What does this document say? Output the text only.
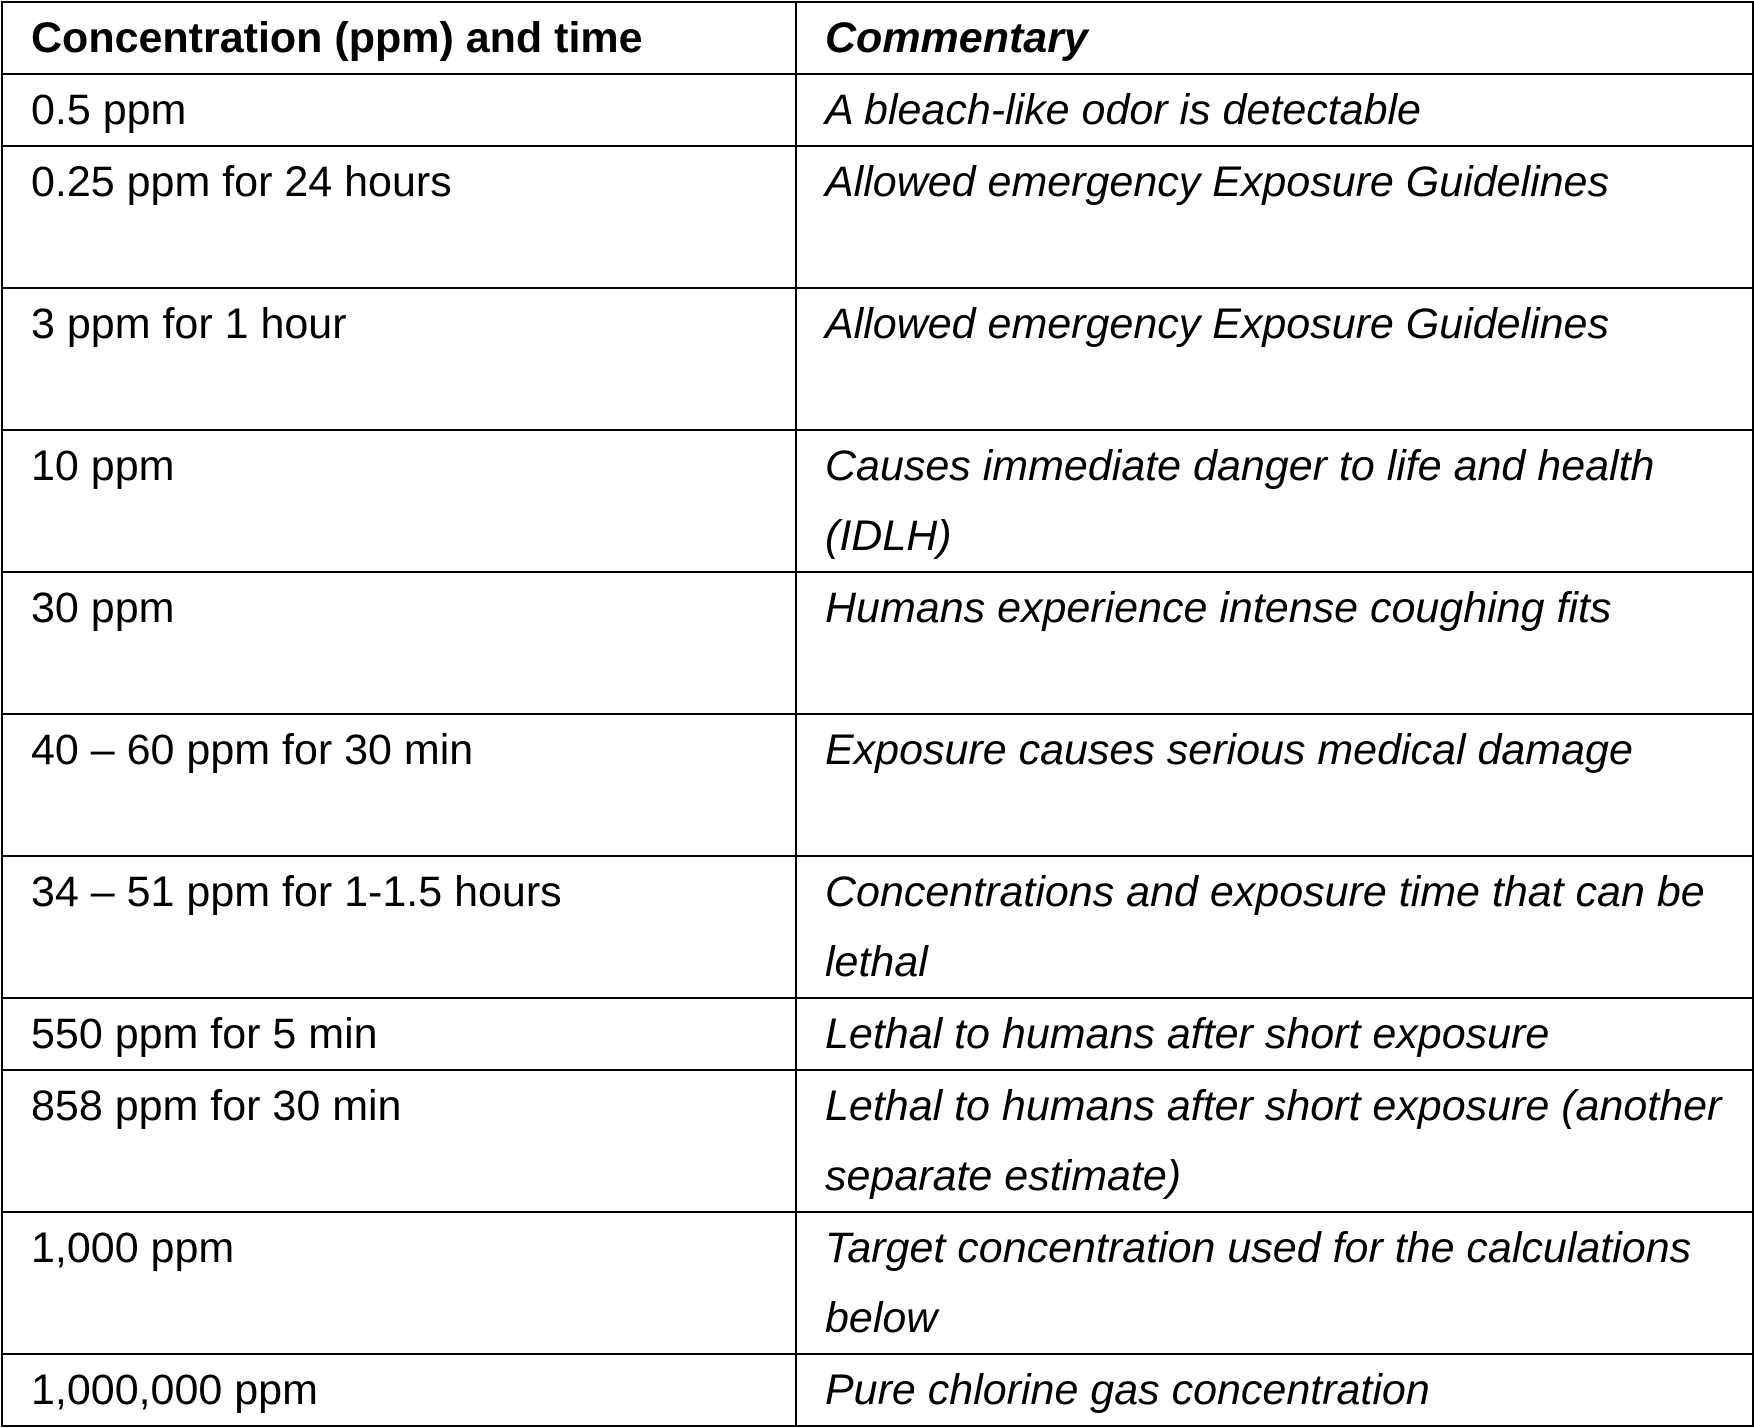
Concentration (ppm) and time	Commentary
0.5 ppm	A bleach-like odor is detectable
0.25 ppm for 24 hours	Allowed emergency Exposure Guidelines
3 ppm for 1 hour	Allowed emergency Exposure Guidelines
10 ppm	Causes immediate danger to life and health (IDLH)
30 ppm	Humans experience intense coughing fits
40 – 60 ppm for 30 min	Exposure causes serious medical damage
34 – 51 ppm for 1-1.5 hours	Concentrations and exposure time that can be lethal
550 ppm for 5 min	Lethal to humans after short exposure
858 ppm for 30 min	Lethal to humans after short exposure (another separate estimate)
1,000 ppm	Target concentration used for the calculations below
1,000,000 ppm	Pure chlorine gas concentration
